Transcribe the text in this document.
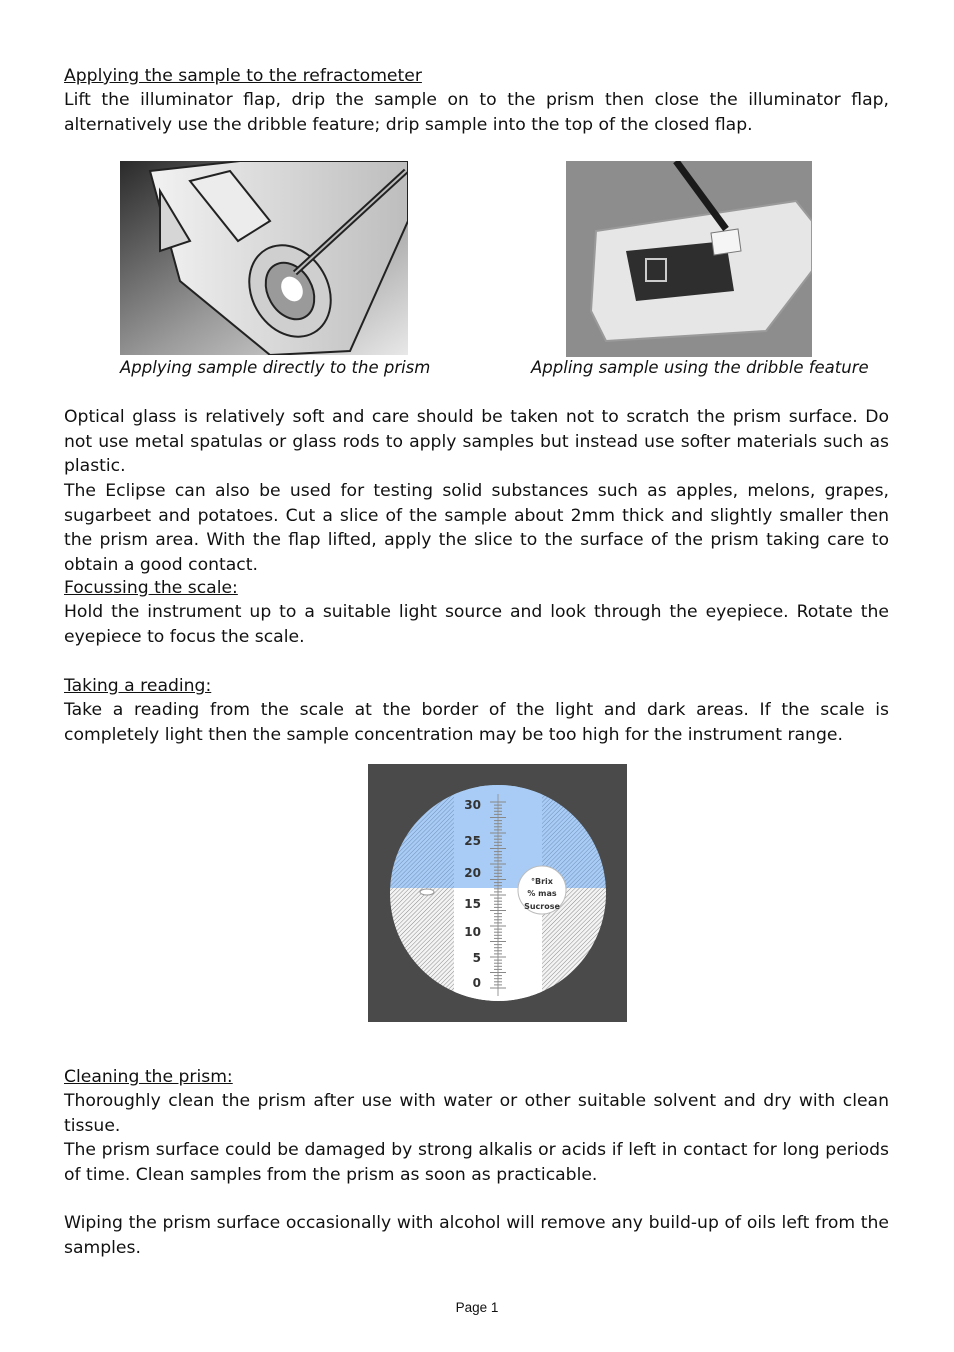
Applying the sample to the refractometer
Lift the illuminator flap, drip the sample on to the prism then close the illuminator flap, alternatively use the dribble feature; drip sample into the top of the closed flap.
Applying sample directly to the prism	Appling sample using the dribble feature
Optical glass is relatively soft and care should be taken not to scratch the prism surface. Do not use metal spatulas or glass rods to apply samples but instead use softer materials such as plastic.
The Eclipse can also be used for testing solid substances such as apples, melons, grapes, sugarbeet and potatoes. Cut a slice of the sample about 2mm thick and slightly smaller then the prism area. With the flap lifted, apply the slice to the surface of the prism taking care to obtain a good contact.
Focussing the scale:
Hold the instrument up to a suitable light source and look through the eyepiece. Rotate the eyepiece to focus the scale.
Taking a reading:
Take a reading from the scale at the border of the light and dark areas. If the scale is completely light then the sample concentration may be too high for the instrument range.
30
25
20
15
10
5
0
°Brix
% mas
Sucrose
Cleaning the prism:
Thoroughly clean the prism after use with water or other suitable solvent and dry with clean tissue.
The prism surface could be damaged by strong alkalis or acids if left in contact for long periods of time. Clean samples from the prism as soon as practicable.
Wiping the prism surface occasionally with alcohol will remove any build-up of oils left from the samples.
Page 1
